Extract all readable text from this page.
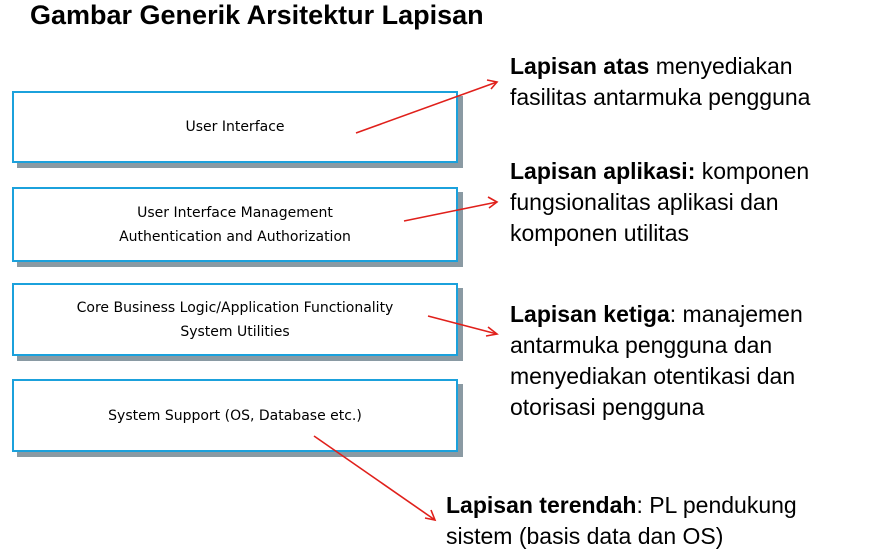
Gambar Generik Arsitektur Lapisan
User Interface
User Interface Management
Authentication and Authorization
Core Business Logic/Application Functionality
System Utilities
System Support (OS, Database etc.)
Lapisan atas menyediakan
fasilitas antarmuka pengguna
Lapisan aplikasi: komponen
fungsionalitas aplikasi dan
komponen utilitas
Lapisan ketiga: manajemen
antarmuka pengguna dan
menyediakan otentikasi dan
otorisasi pengguna
Lapisan terendah: PL pendukung
sistem (basis data dan OS)
